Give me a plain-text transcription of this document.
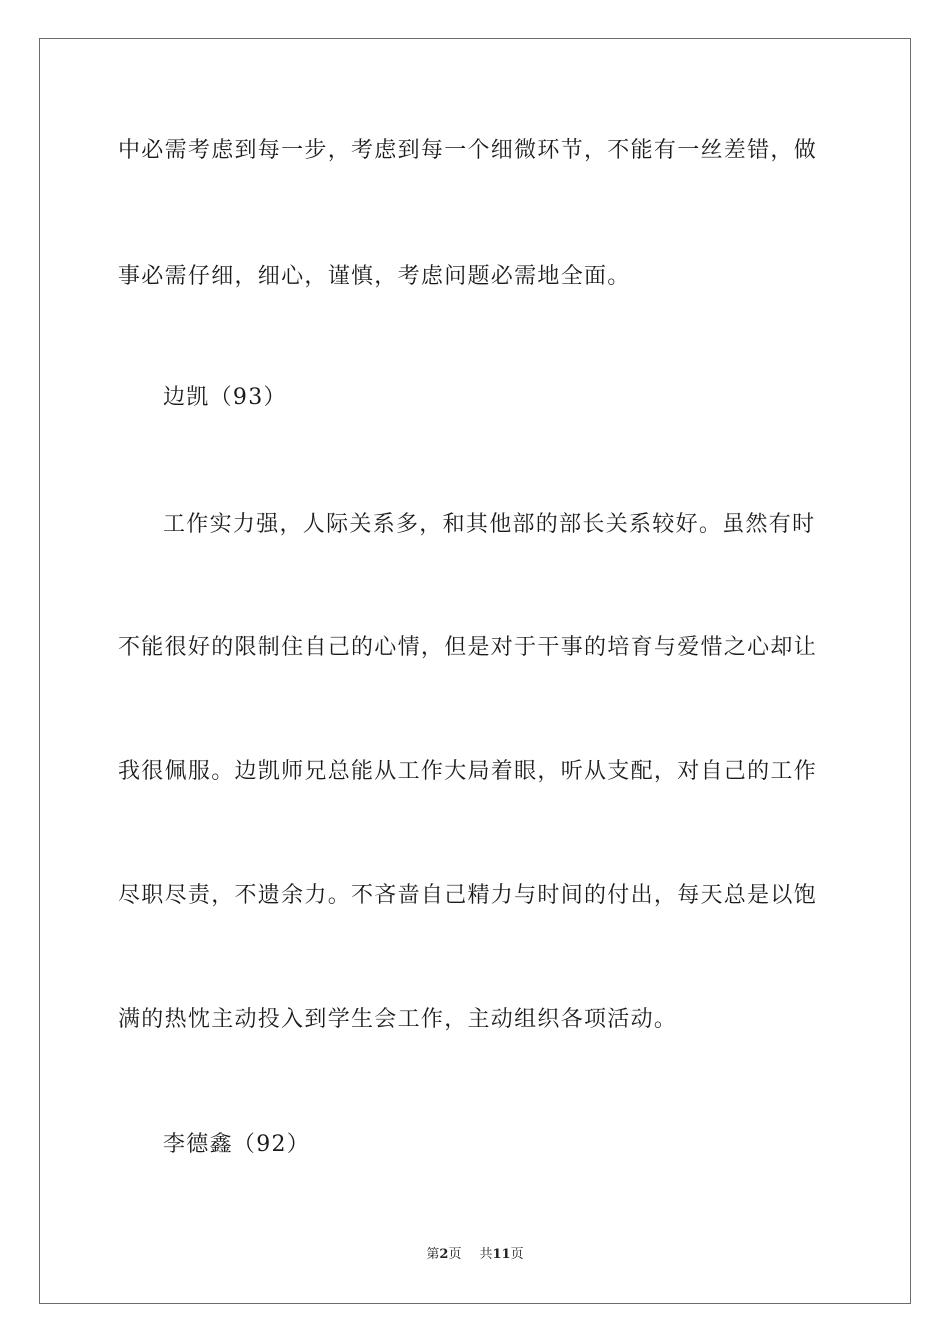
中必需考虑到每一步，考虑到每一个细微环节，不能有一丝差错，做
事必需仔细，细心，谨慎，考虑问题必需地全面。
边凯（93）
工作实力强，人际关系多，和其他部的部长关系较好。虽然有时
不能很好的限制住自己的心情，但是对于干事的培育与爱惜之心却让
我很佩服。边凯师兄总能从工作大局着眼，听从支配，对自己的工作
尽职尽责，不遗余力。不吝啬自己精力与时间的付出，每天总是以饱
满的热忱主动投入到学生会工作，主动组织各项活动。
李德鑫（92）
第2页 共11页
